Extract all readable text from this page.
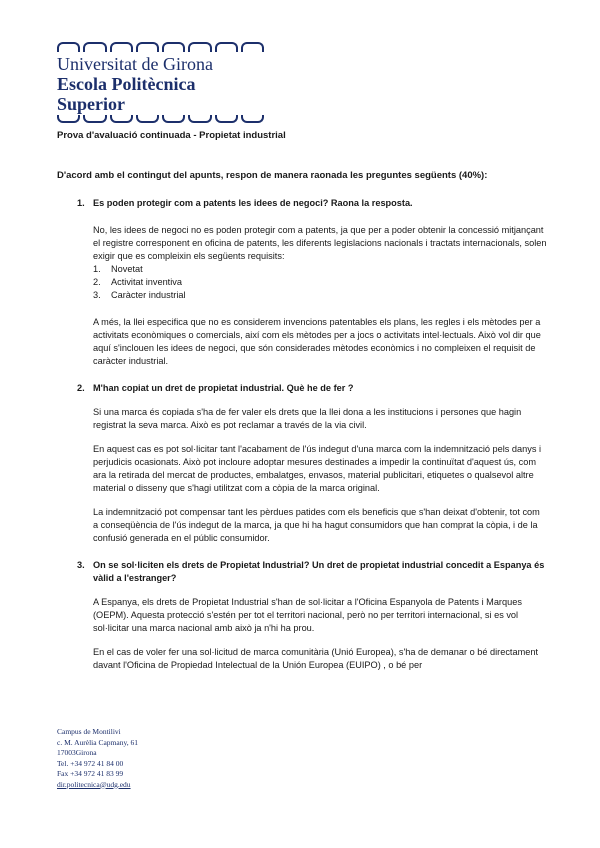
Universitat de Girona
Escola Politècnica Superior
Prova d'avaluació continuada - Propietat industrial
D'acord amb el contingut del apunts, respon de manera raonada les preguntes següents (40%):
1. Es poden protegir com a patents les idees de negoci? Raona la resposta.

No, les idees de negoci no es poden protegir com a patents, ja que per a poder obtenir la concessió mitjançant el registre corresponent en oficina de patents, les diferents legislacions nacionals i tractats internacionals, solen exigir que es compleixin els següents requisits:

1.	Novetat
2.	Activitat inventiva
3.	Caràcter industrial

A més, la llei especifica que no es considerem invencions patentables els plans, les regles i els mètodes per a activitats econòmiques o comercials, així com els mètodes per a jocs o activitats intel·lectuals. Això vol dir que aquí s'inclouen les idees de negoci, que són considerades mètodes econòmics i no compleixen el requisit de caràcter industrial.

2. M'han copiat un dret de propietat industrial. Què he de fer ?

Si una marca és copiada s'ha de fer valer els drets que la llei dona a les institucions i persones que hagin registrat la seva marca. Això es pot reclamar a través de la via civil.

En aquest cas es pot sol·licitar tant l'acabament de l'ús indegut d'una marca com la indemnització pels danys i perjudicis ocasionats. Això pot incloure adoptar mesures destinades a impedir la continuïtat d'aquest ús, com ara la retirada del mercat de productes, embalatges, envasos, material publicitari, etiquetes o qualsevol altre material o disseny que s'hagi utilitzat com a còpia de la marca original.

La indemnització pot compensar tant les pèrdues patides com els beneficis que s'han deixat d'obtenir, tot com a conseqüència de l'ús indegut de la marca, ja que hi ha hagut consumidors que han comprat la còpia, i de la confusió generada en el públic consumidor.

3. On se sol·liciten els drets de Propietat Industrial? Un dret de propietat industrial concedit a Espanya és vàlid a l'estranger?

A Espanya, els drets de Propietat Industrial s'han de sol·licitar a l'Oficina Espanyola de Patents i Marques (OEPM). Aquesta protecció s'estén per tot el territori nacional, però no per territori internacional, si es vol sol·licitar una marca nacional amb això ja n'hi ha prou.

En el cas de voler fer una sol·licitud de marca comunitària (Unió Europea), s'ha de demanar o bé directament davant l'Oficina de Propiedad Intelectual de la Unión Europea (EUIPO) , o bé per

Campus de Montilivi
c. M. Aurèlia Capmany, 61
17003Girona
Tel. +34 972 41 84 00
Fax +34 972 41 83 99
dir.politecnica@udg.edu
